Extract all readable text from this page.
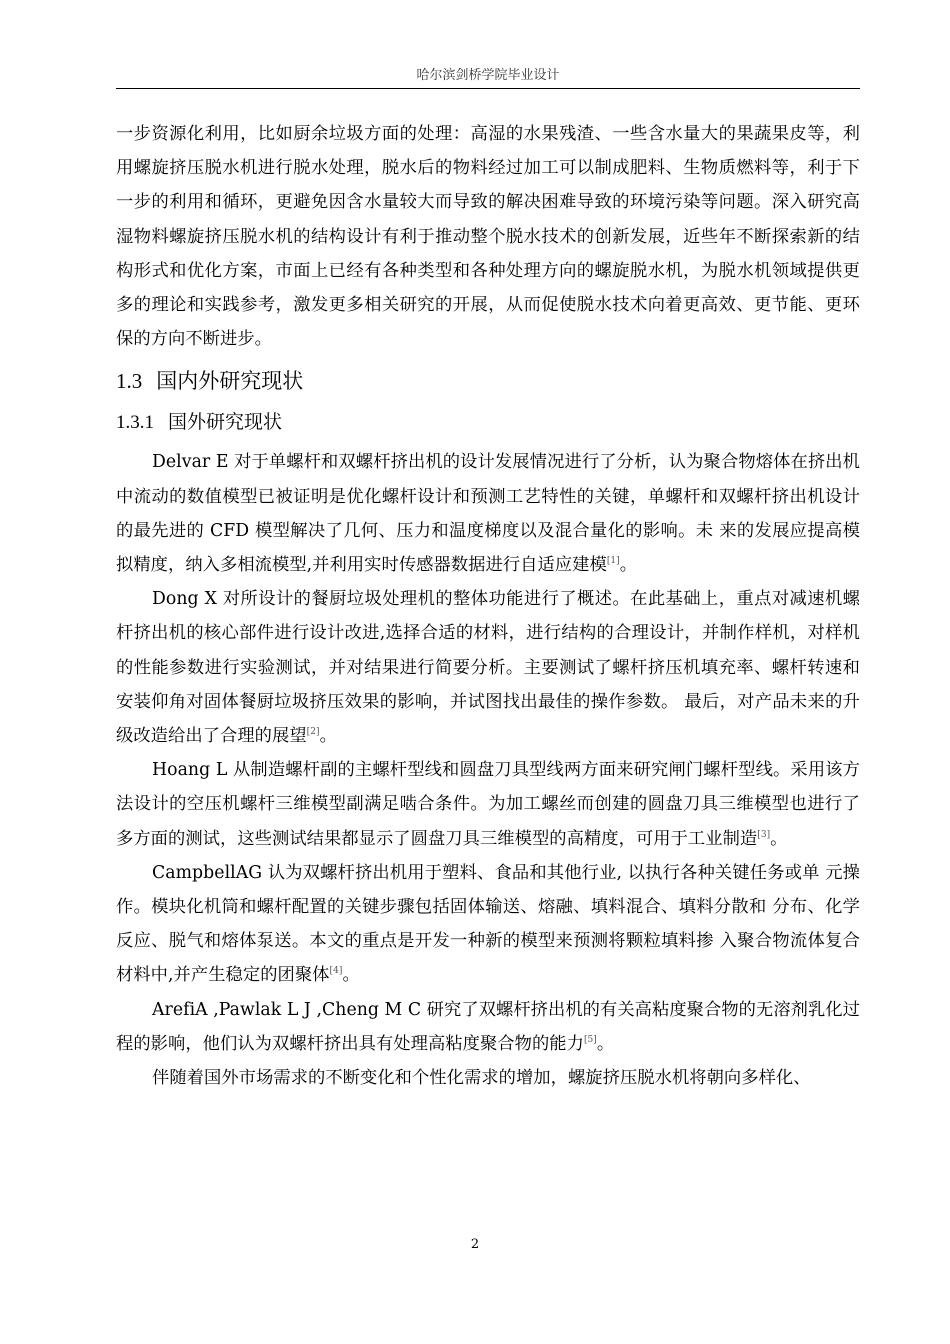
哈尔滨剑桥学院毕业设计

一步资源化利用，比如厨余垃圾方面的处理：高湿的水果残渣、一些含水量大的果蔬果皮等，利用螺旋挤压脱水机进行脱水处理，脱水后的物料经过加工可以制成肥料、生物质燃料等，利于下一步的利用和循环，更避免因含水量较大而导致的解决困难导致的环境污染等问题。深入研究高湿物料螺旋挤压脱水机的结构设计有利于推动整个脱水技术的创新发展，近些年不断探索新的结构形式和优化方案，市面上已经有各种类型和各种处理方向的螺旋脱水机，为脱水机领域提供更多的理论和实践参考，激发更多相关研究的开展，从而促使脱水技术向着更高效、更节能、更环保的方向不断进步。

1.3 国内外研究现状
1.3.1 国外研究现状

Delvar E 对于单螺杆和双螺杆挤出机的设计发展情况进行了分析，认为聚合物熔体在挤出机中流动的数值模型已被证明是优化螺杆设计和预测工艺特性的关键，单螺杆和双螺杆挤出机设计的最先进的 CFD 模型解决了几何、压力和温度梯度以及混合量化的影响。未 来的发展应提高模拟精度，纳入多相流模型,并利用实时传感器数据进行自适应建模[1]。

Dong X 对所设计的餐厨垃圾处理机的整体功能进行了概述。在此基础上，重点对减速机螺杆挤出机的核心部件进行设计改进,选择合适的材料，进行结构的合理设计，并制作样机，对样机的性能参数进行实验测试，并对结果进行简要分析。主要测试了螺杆挤压机填充率、螺杆转速和安装仰角对固体餐厨垃圾挤压效果的影响，并试图找出最佳的操作参数。 最后，对产品未来的升级改造给出了合理的展望[2]。

Hoang L 从制造螺杆副的主螺杆型线和圆盘刀具型线两方面来研究闸门螺杆型线。采用该方法设计的空压机螺杆三维模型副满足啮合条件。为加工螺丝而创建的圆盘刀具三维模型也进行了多方面的测试，这些测试结果都显示了圆盘刀具三维模型的高精度，可用于工业制造[3]。

CampbellAG 认为双螺杆挤出机用于塑料、食品和其他行业, 以执行各种关键任务或单 元操作。模块化机筒和螺杆配置的关键步骤包括固体输送、熔融、填料混合、填料分散和 分布、化学反应、脱气和熔体泵送。本文的重点是开发一种新的模型来预测将颗粒填料掺 入聚合物流体复合材料中,并产生稳定的团聚体[4]。

ArefiA ,Pawlak L J ,Cheng M C 研究了双螺杆挤出机的有关高粘度聚合物的无溶剂乳化过程的影响，他们认为双螺杆挤出具有处理高粘度聚合物的能力[5]。

伴随着国外市场需求的不断变化和个性化需求的增加，螺旋挤压脱水机将朝向多样化、

2
